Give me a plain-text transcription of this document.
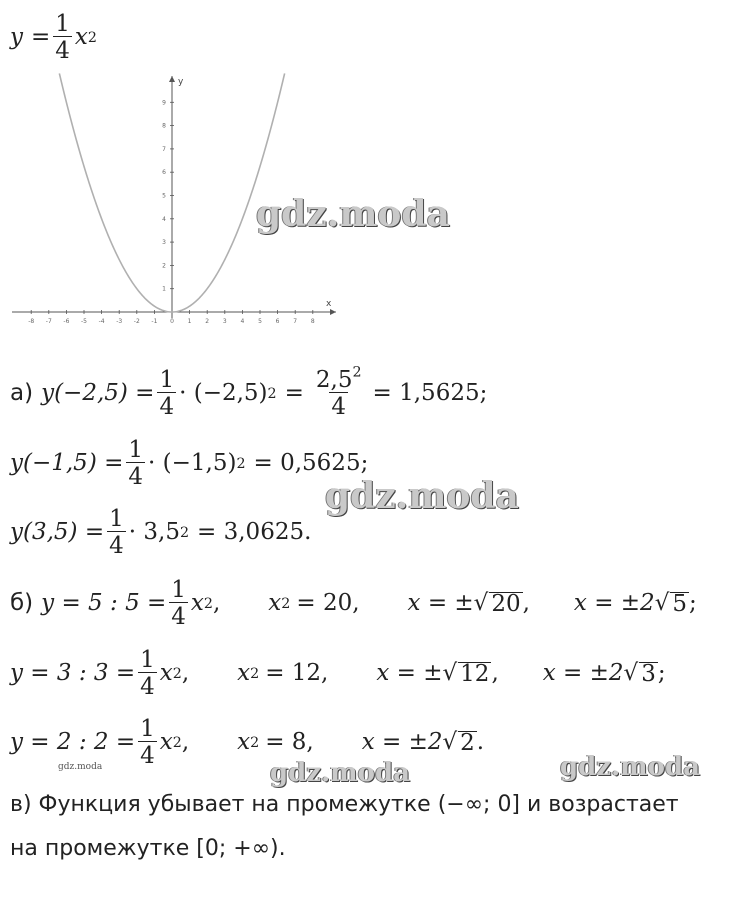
$y = \frac{1}{4}$ x 2
-8 -7 -6 -5 -4 -3 -2 -1 0 1 2 3 4 5 6 7 8
1
2
3
4
5
6
7
8
9
y
x
gdz.moda
а) $y(-2,5) = \frac{1}{4} \cdot (-2,5) 2 = \frac{2,5^2}{4} = 1,5625$;
$y(-1,5) = \frac{1}{4} \cdot (-1,5) 2 = 0,5625$;
gdz.moda
$y(3,5) = \frac{1}{4} \cdot 3,5$ 2 = 3,0625.
б) y = 5 : $5 = \frac{1}{4}$ x 2 , x 2 = 20, x = ± √ 20 , x = ±2 √ 5 ;
y = 3 : $3 = \frac{1}{4}$ x 2 , x 2 = 12, x = ± √ 12 , x = ±2 √ 3 ;
y = 2 : $2 = \frac{1}{4}$ x 2 , x 2 = 8, x = ±2 √ 2 .
gdz.moda	gdz.moda	gdz.moda
в) Функция убывает на промежутке (−∞; 0] и возрастает
на промежутке [0; +∞).
